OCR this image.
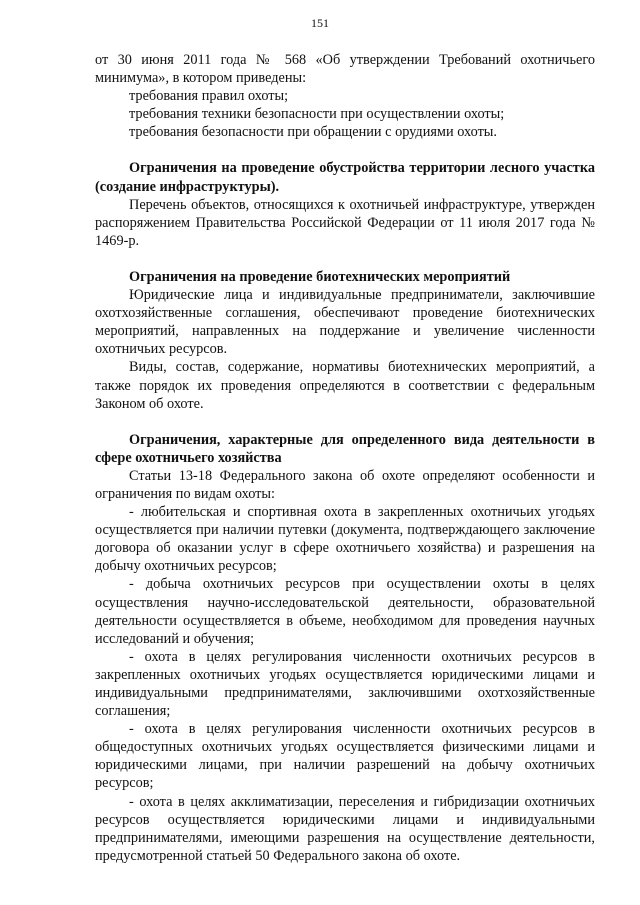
151

от 30 июня 2011 года № 568 «Об утверждении Требований охотничьего минимума», в котором приведены:

требования правил охоты;

требования техники безопасности при осуществлении охоты;

требования безопасности при обращении с орудиями охоты.

Ограничения на проведение обустройства территории лесного участка (создание инфраструктуры).

Перечень объектов, относящихся к охотничьей инфраструктуре, утвержден распоряжением Правительства Российской Федерации от 11 июля 2017 года № 1469-р.

Ограничения на проведение биотехнических мероприятий

Юридические лица и индивидуальные предприниматели, заключившие охотхозяйственные соглашения, обеспечивают проведение биотехнических мероприятий, направленных на поддержание и увеличение численности охотничьих ресурсов.

Виды, состав, содержание, нормативы биотехнических мероприятий, а также порядок их проведения определяются в соответствии с федеральным Законом об охоте.

Ограничения, характерные для определенного вида деятельности в сфере охотничьего хозяйства

Статьи 13-18 Федерального закона об охоте определяют особенности и ограничения по видам охоты:

- любительская и спортивная охота в закрепленных охотничьих угодьях осуществляется при наличии путевки (документа, подтверждающего заключение договора об оказании услуг в сфере охотничьего хозяйства) и разрешения на добычу охотничьих ресурсов;

- добыча охотничьих ресурсов при осуществлении охоты в целях осуществления научно-исследовательской деятельности, образовательной деятельности осуществляется в объеме, необходимом для проведения научных исследований и обучения;

- охота в целях регулирования численности охотничьих ресурсов в закрепленных охотничьих угодьях осуществляется юридическими лицами и индивидуальными предпринимателями, заключившими охотхозяйственные соглашения;

- охота в целях регулирования численности охотничьих ресурсов в общедоступных охотничьих угодьях осуществляется физическими лицами и юридическими лицами, при наличии разрешений на добычу охотничьих ресурсов;

- охота в целях акклиматизации, переселения и гибридизации охотничьих ресурсов осуществляется юридическими лицами и индивидуальными предпринимателями, имеющими разрешения на осуществление деятельности, предусмотренной статьей 50 Федерального закона об охоте.
